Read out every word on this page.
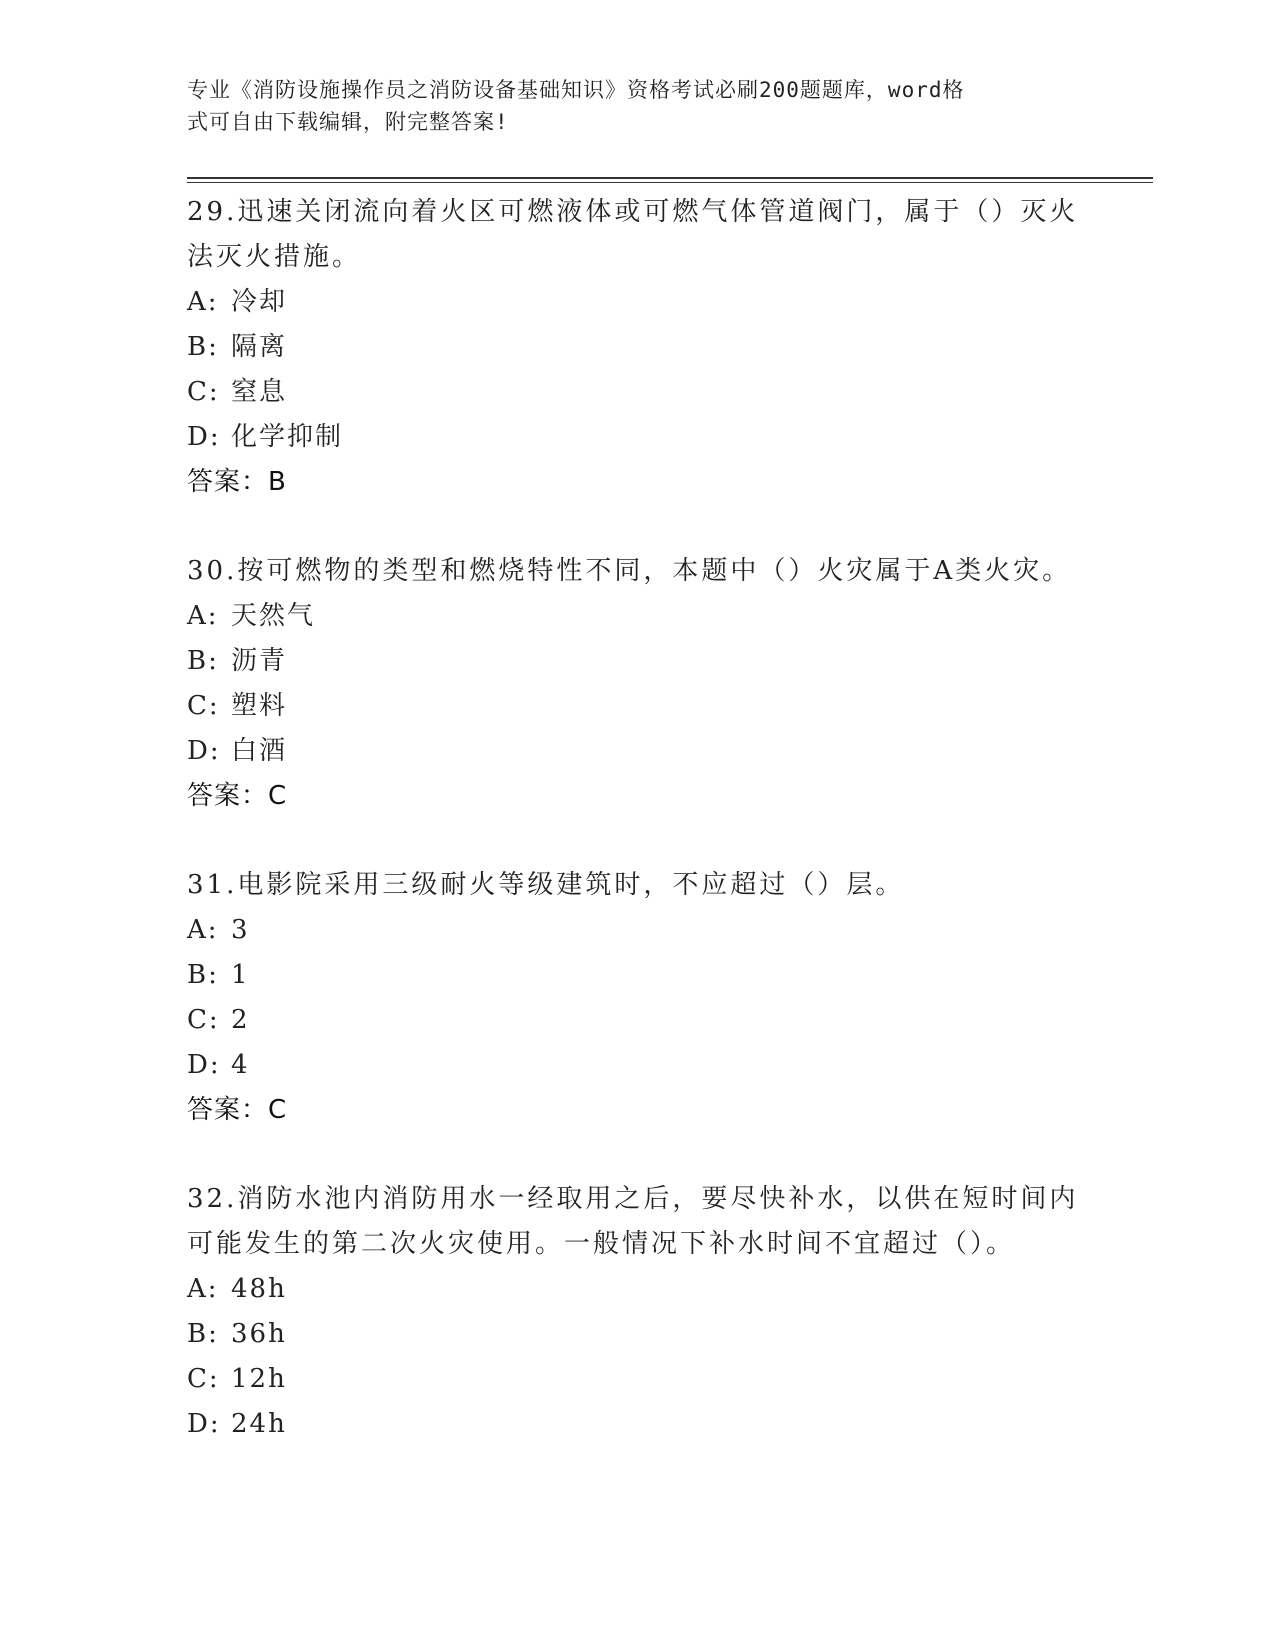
专业《消防设施操作员之消防设备基础知识》资格考试必刷200题题库，word格
式可自由下载编辑，附完整答案!
29.迅速关闭流向着火区可燃液体或可燃气体管道阀门，属于（）灭火
法灭火措施。
A: 冷却
B: 隔离
C: 窒息
D: 化学抑制
答案：B
30.按可燃物的类型和燃烧特性不同，本题中（）火灾属于A类火灾。
A: 天然气
B: 沥青
C: 塑料
D: 白酒
答案：C
31.电影院采用三级耐火等级建筑时，不应超过（）层。
A: 3
B: 1
C: 2
D: 4
答案：C
32.消防水池内消防用水一经取用之后，要尽快补水，以供在短时间内
可能发生的第二次火灾使用。一般情况下补水时间不宜超过（）。
A: 48h
B: 36h
C: 12h
D: 24h
